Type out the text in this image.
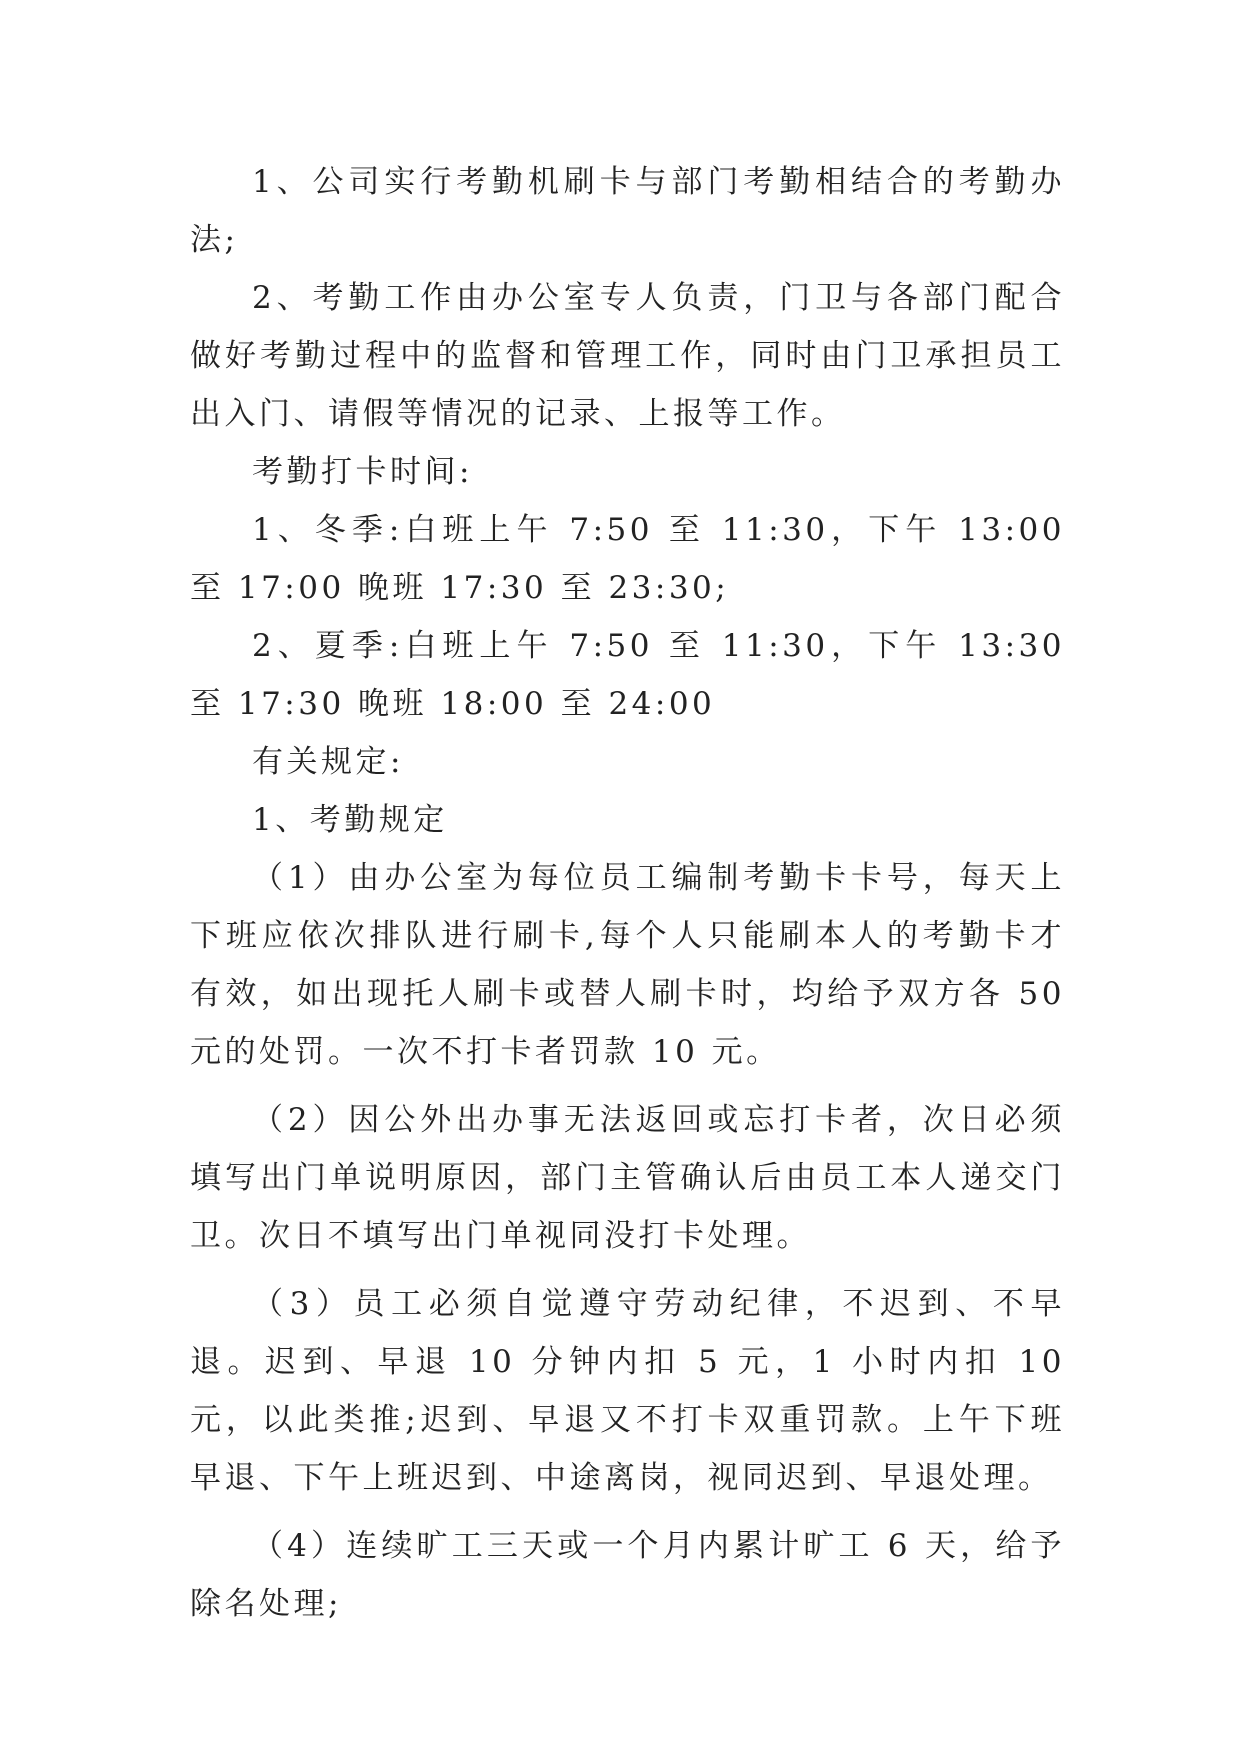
1、公司实行考勤机刷卡与部门考勤相结合的考勤办法;

2、考勤工作由办公室专人负责，门卫与各部门配合做好考勤过程中的监督和管理工作，同时由门卫承担员工出入门、请假等情况的记录、上报等工作。

考勤打卡时间:

1、冬季:白班上午 7:50 至 11:30，下午 13:00 至 17:00 晚班 17:30 至 23:30;

2、夏季:白班上午 7:50 至 11:30，下午 13:30 至 17:30 晚班 18:00 至 24:00

有关规定:

1、考勤规定

（1）由办公室为每位员工编制考勤卡卡号，每天上下班应依次排队进行刷卡,每个人只能刷本人的考勤卡才有效，如出现托人刷卡或替人刷卡时，均给予双方各 50 元的处罚。一次不打卡者罚款 10 元。

（2）因公外出办事无法返回或忘打卡者，次日必须填写出门单说明原因，部门主管确认后由员工本人递交门卫。次日不填写出门单视同没打卡处理。

（3）员工必须自觉遵守劳动纪律，不迟到、不早退。迟到、早退 10 分钟内扣 5 元，1 小时内扣 10 元，以此类推;迟到、早退又不打卡双重罚款。上午下班早退、下午上班迟到、中途离岗，视同迟到、早退处理。

（4）连续旷工三天或一个月内累计旷工 6 天，给予除名处理;
